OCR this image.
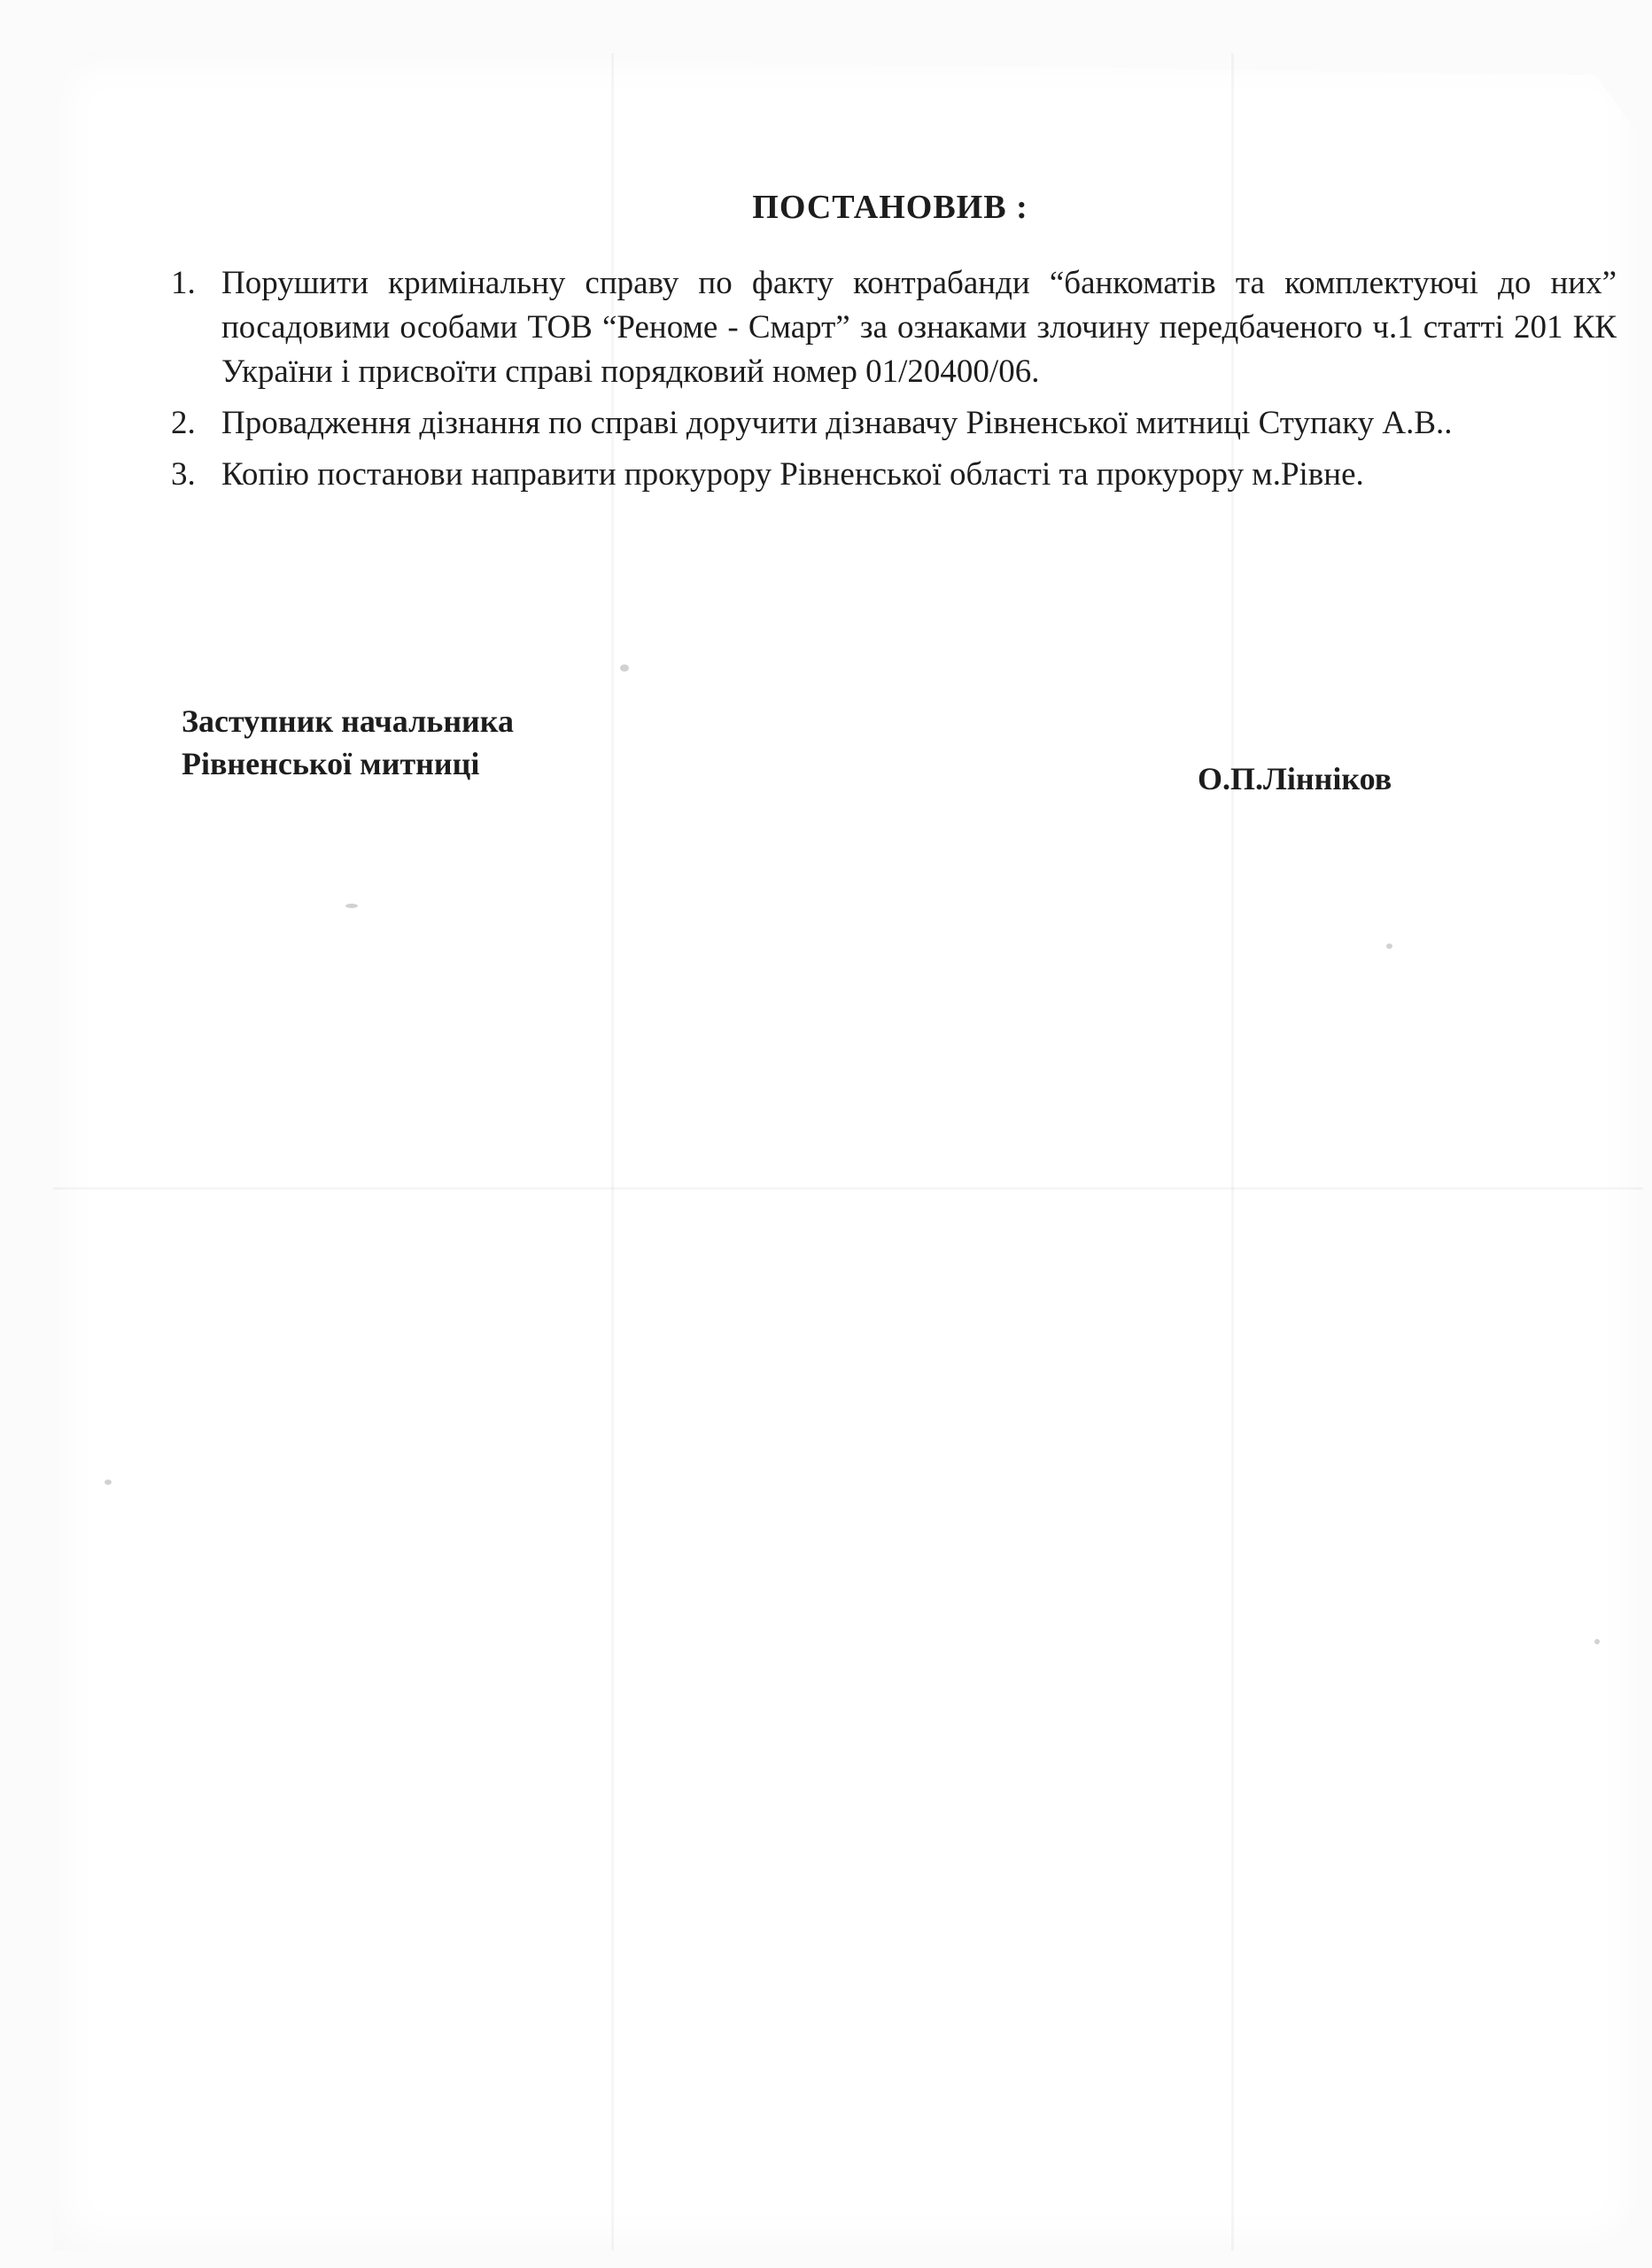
ПОСТАНОВИВ :
1. Порушити кримінальну справу по факту контрабанди “банкоматів та комплектуючі до них” посадовими особами ТОВ “Реноме - Смарт” за ознаками злочину передбаченого ч.1 статті 201 КК України і присвоїти справі порядковий номер 01/20400/06.
2. Провадження дізнання по справі доручити дізнавачу Рівненської митниці Ступаку А.В..
3. Копію постанови направити прокурору Рівненської області та прокурору м.Рівне.
Заступник начальника
Рівненської митниці	О.П.Лінніков
